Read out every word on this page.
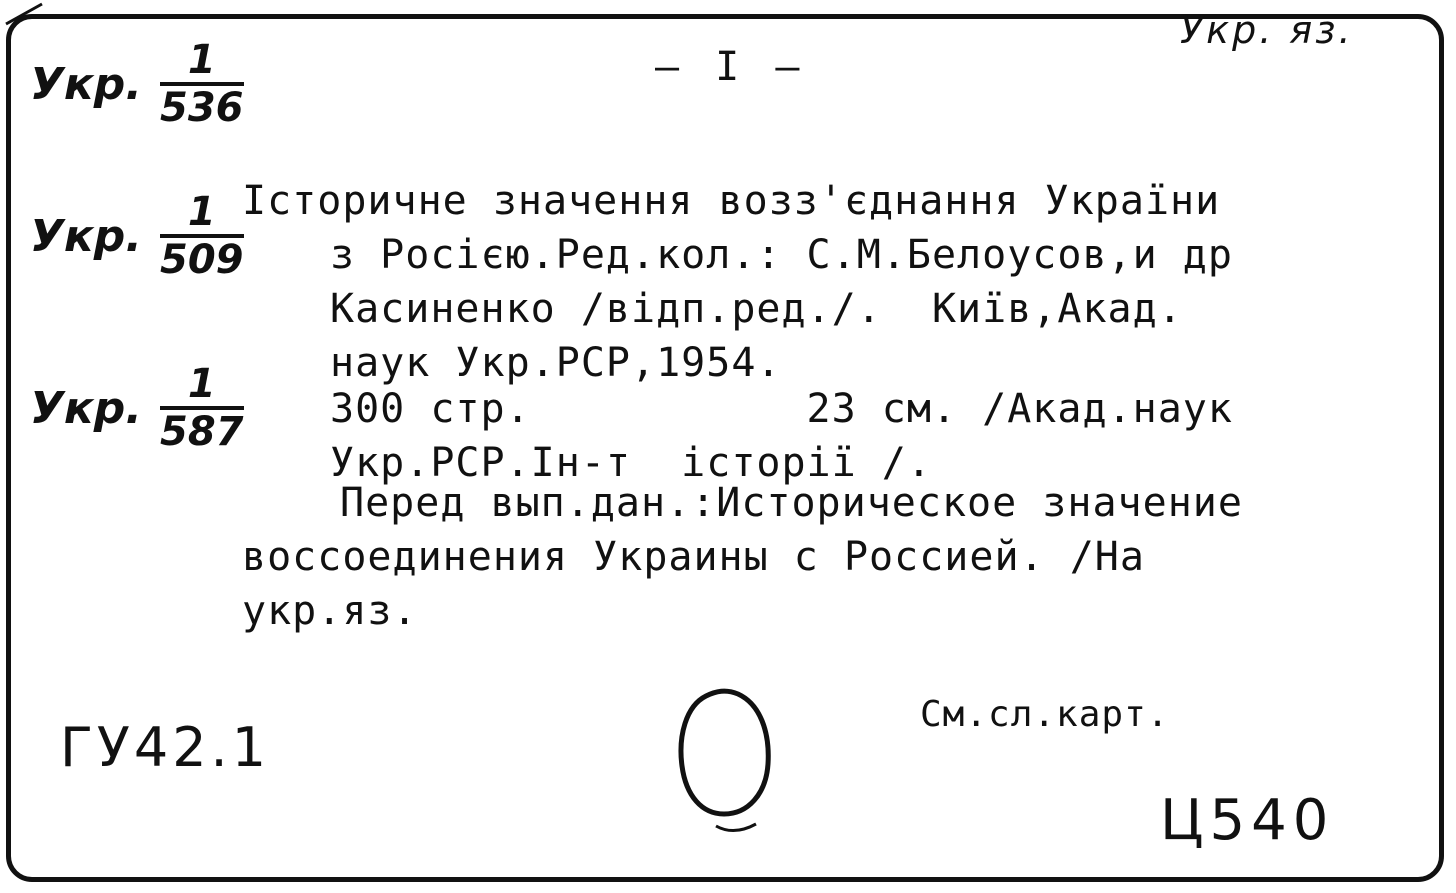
Укр. яз.
— I —
Укр. $\frac{1}{536}$
Укр. $\frac{1}{509}$
Укр. $\frac{1}{587}$
Історичне значення возз'єднання України
з Росією.Ред.кол.: С.М.Белоусов,и др
Касиненко /відп.ред./.  Київ,Акад.
наук Укр.РСР,1954.
300 стр.           23 см. /Акад.наук
Укр.РСР.Ін-т  історії /.
Перед вып.дан.:Историческое значение
воссоединения Украины с Россией. /На
укр.яз.
См.сл.карт.
ГУ42.1
Ц540
